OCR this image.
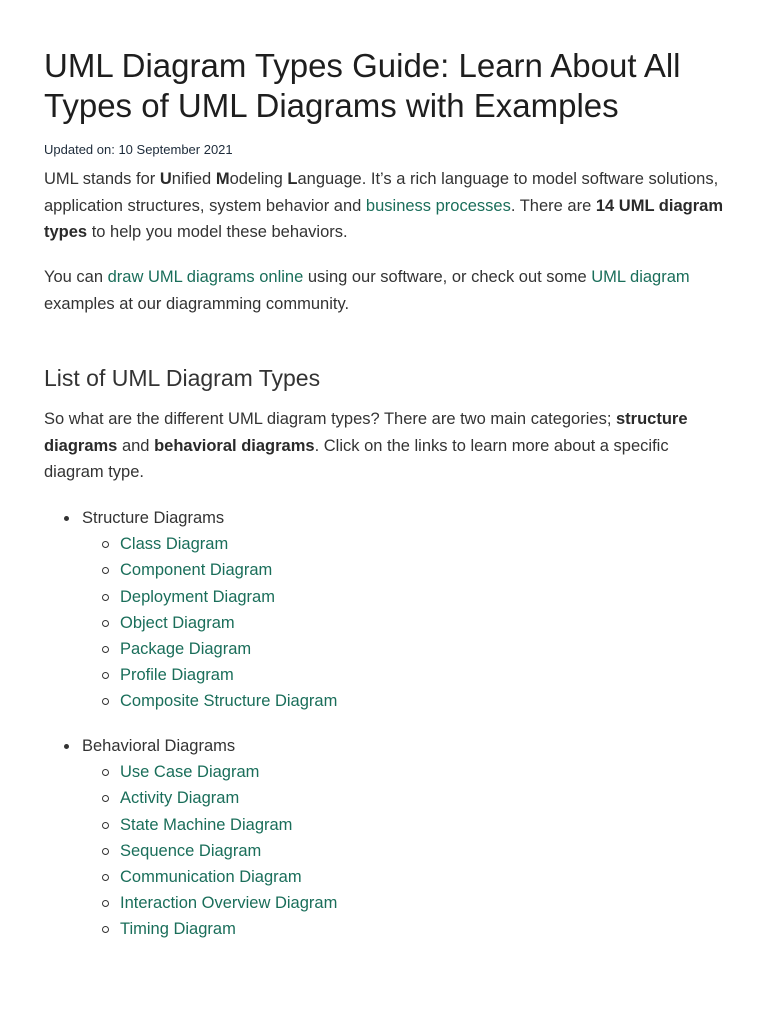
UML Diagram Types Guide: Learn About All Types of UML Diagrams with Examples
Updated on: 10 September 2021

UML stands for Unified Modeling Language. It’s a rich language to model software solutions, application structures, system behavior and business processes. There are 14 UML diagram types to help you model these behaviors.

You can draw UML diagrams online using our software, or check out some UML diagram examples at our diagramming community.

List of UML Diagram Types

So what are the different UML diagram types? There are two main categories; structure diagrams and behavioral diagrams. Click on the links to learn more about a specific diagram type.

Structure Diagrams
Class Diagram
Component Diagram
Deployment Diagram
Object Diagram
Package Diagram
Profile Diagram
Composite Structure Diagram
Behavioral Diagrams
Use Case Diagram
Activity Diagram
State Machine Diagram
Sequence Diagram
Communication Diagram
Interaction Overview Diagram
Timing Diagram
